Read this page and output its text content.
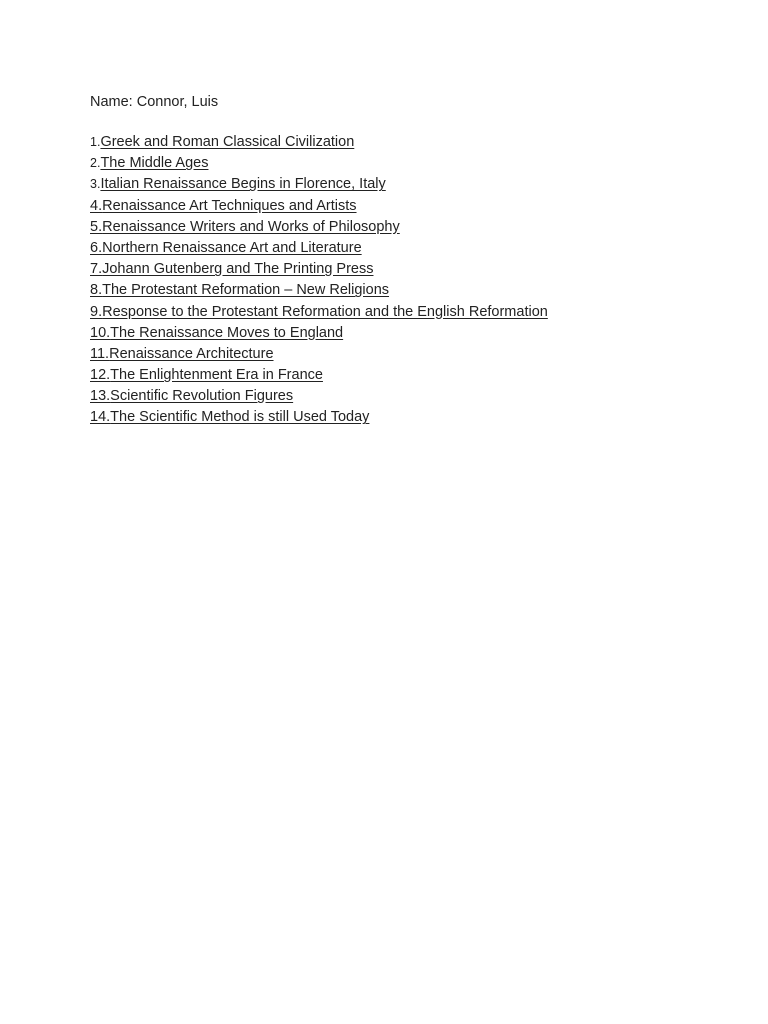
Name: Connor, Luis
1.Greek and Roman Classical Civilization
2.The Middle Ages
3.Italian Renaissance Begins in Florence, Italy
4.Renaissance Art Techniques and Artists
5.Renaissance Writers and Works of Philosophy
6.Northern Renaissance Art and Literature
7.Johann Gutenberg and The Printing Press
8.The Protestant Reformation – New Religions
9.Response to the Protestant Reformation and the English Reformation
10.The Renaissance Moves to England
11.Renaissance Architecture
12.The Enlightenment Era in France
13.Scientific Revolution Figures
14.The Scientific Method is still Used Today
